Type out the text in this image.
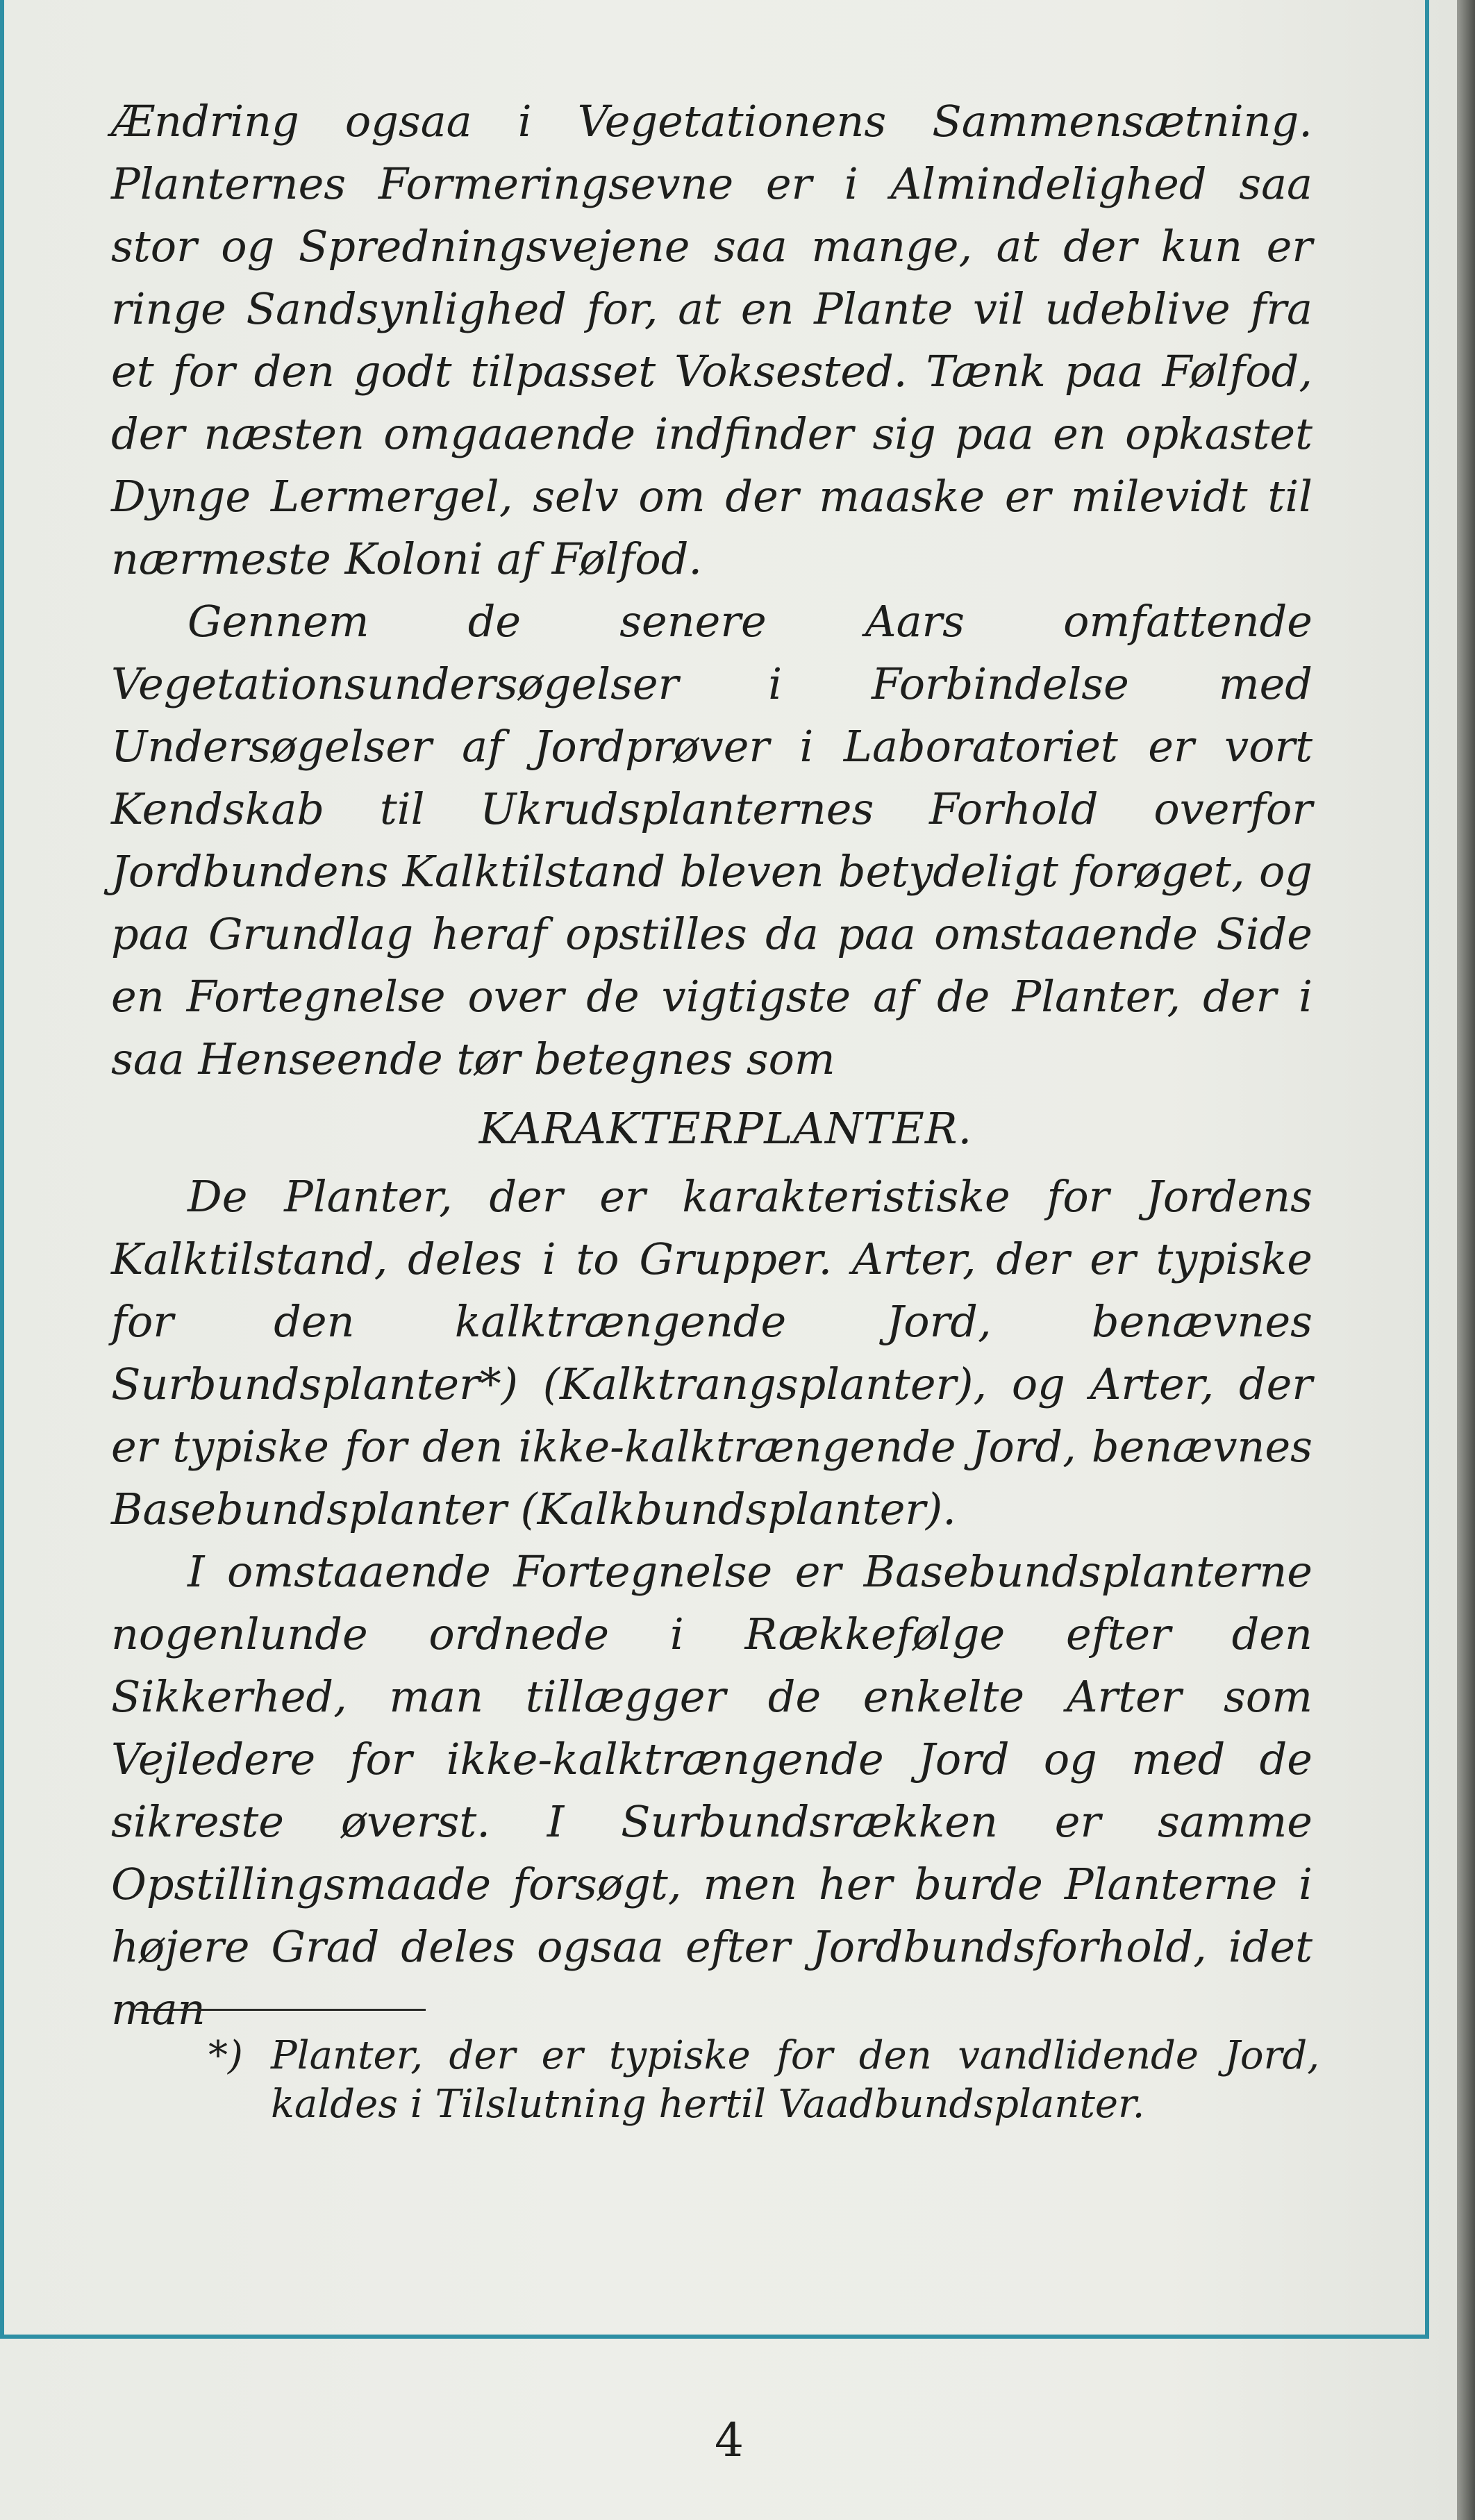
Ændring ogsaa i Vegetationens Sammensætning. Planternes Formeringsevne er i Almindelighed saa stor og Spredningsvejene saa mange, at der kun er ringe Sandsynlighed for, at en Plante vil udeblive fra et for den godt tilpasset Voksested. Tænk paa Følfod, der næsten omgaaende indfinder sig paa en opkastet Dynge Lermergel, selv om der maaske er milevidt til nærmeste Koloni af Følfod.

Gennem de senere Aars omfattende Vegetationsundersøgelser i Forbindelse med Undersøgelser af Jordprøver i Laboratoriet er vort Kendskab til Ukrudsplanternes Forhold overfor Jordbundens Kalktilstand bleven betydeligt forøget, og paa Grundlag heraf opstilles da paa omstaaende Side en Fortegnelse over de vigtigste af de Planter, der i saa Henseende tør betegnes som

KARAKTERPLANTER.

De Planter, der er karakteristiske for Jordens Kalktilstand, deles i to Grupper. Arter, der er typiske for den kalktrængende Jord, benævnes Surbundsplanter*) (Kalktrangsplanter), og Arter, der er typiske for den ikke-kalktrængende Jord, benævnes Basebundsplanter (Kalkbundsplanter).

I omstaaende Fortegnelse er Basebundsplanterne nogenlunde ordnede i Rækkefølge efter den Sikkerhed, man tillægger de enkelte Arter som Vejledere for ikke-kalktrængende Jord og med de sikreste øverst. I Surbundsrækken er samme Opstillingsmaade forsøgt, men her burde Planterne i højere Grad deles ogsaa efter Jordbundsforhold, idet man

*) Planter, der er typiske for den vandlidende Jord, kaldes i Tilslutning hertil Vaadbundsplanter.
4
